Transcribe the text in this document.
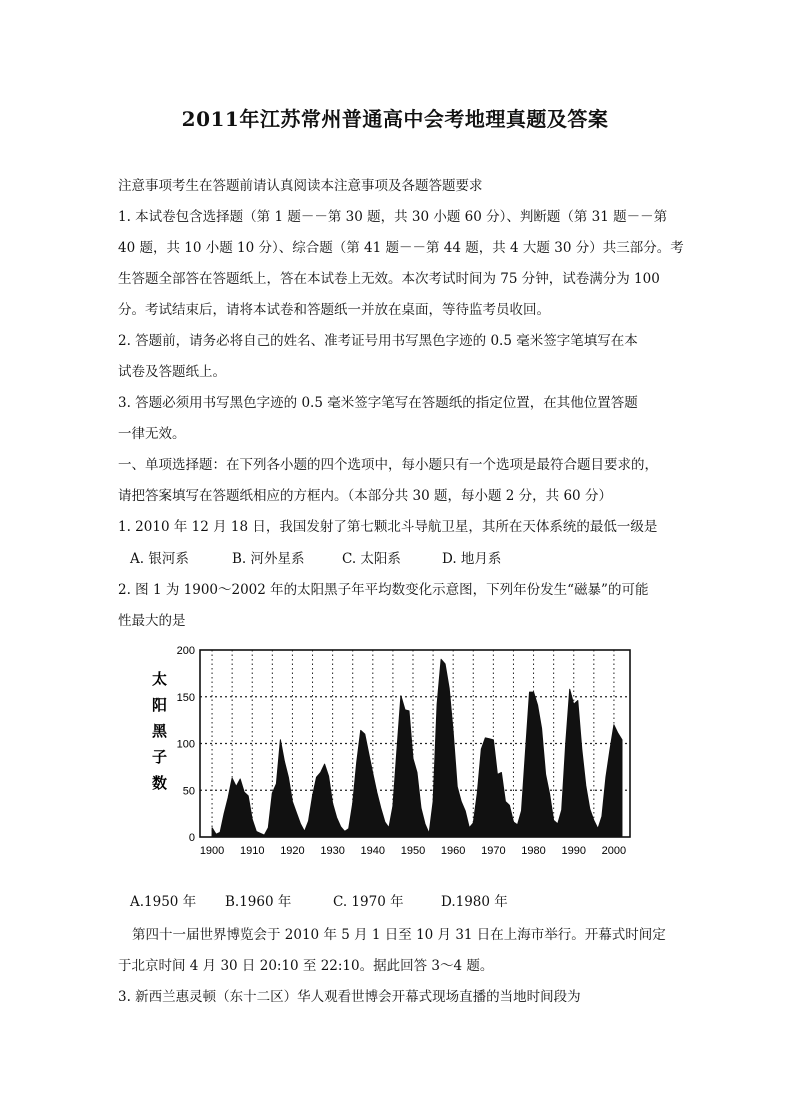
2011年江苏常州普通高中会考地理真题及答案
注意事项考生在答题前请认真阅读本注意事项及各题答题要求
1. 本试卷包含选择题（第 1 题－－第 30 题，共 30 小题 60 分）、判断题（第 31 题－－第
40 题，共 10 小题 10 分）、综合题（第 41 题－－第 44 题，共 4 大题 30 分）共三部分。考
生答题全部答在答题纸上，答在本试卷上无效。本次考试时间为 75 分钟，试卷满分为 100
分。考试结束后，请将本试卷和答题纸一并放在桌面，等待监考员收回。
2. 答题前，请务必将自己的姓名、准考证号用书写黑色字迹的 0.5 毫米签字笔填写在本
试卷及答题纸上。
3. 答题必须用书写黑色字迹的 0.5 毫米签字笔写在答题纸的指定位置，在其他位置答题
一律无效。
一、单项选择题：在下列各小题的四个选项中，每小题只有一个选项是最符合题目要求的，
请把答案填写在答题纸相应的方框内。（本部分共 30 题，每小题 2 分，共 60 分）
1. 2010 年 12 月 18 日，我国发射了第七颗北斗导航卫星，其所在天体系统的最低一级是
A. 银河系	B. 河外星系	C. 太阳系	D. 地月系
2. 图 1 为 1900～2002 年的太阳黑子年平均数变化示意图，下列年份发生“磁暴”的可能
性最大的是
太
阳
黑
子
数
0
50
100
150
200
1900 1910 1920 1930 1940 1950 1960 1970 1980 1990 2000
A.1950 年 B.1960 年	C. 1970 年	D.1980 年
第四十一届世界博览会于 2010 年 5 月 1 日至 10 月 31 日在上海市举行。开幕式时间定
于北京时间 4 月 30 日 20:10 至 22:10。据此回答 3～4 题。
3. 新西兰惠灵顿（东十二区）华人观看世博会开幕式现场直播的当地时间段为
